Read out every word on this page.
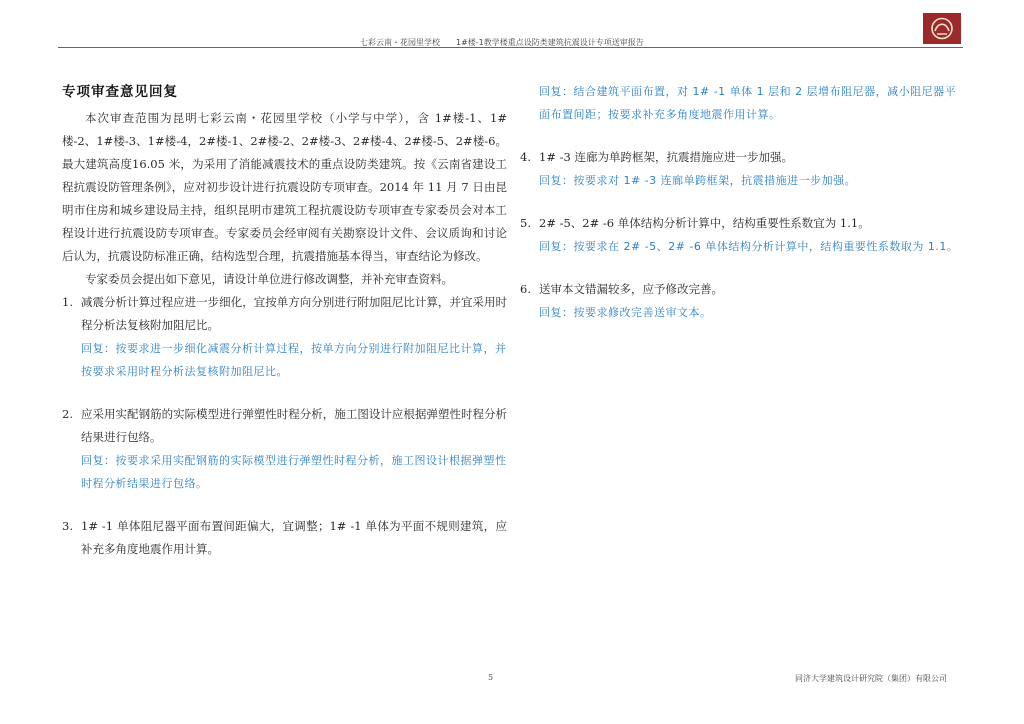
七彩云南・花园里学校　　1#楼-1教学楼重点设防类建筑抗震设计专项送审报告
专项审查意见回复

本次审查范围为昆明七彩云南・花园里学校（小学与中学），含 1#楼-1、1#楼-2、1#楼-3、1#楼-4，2#楼-1、2#楼-2、2#楼-3、2#楼-4、2#楼-5、2#楼-6。最大建筑高度16.05 米，为采用了消能减震技术的重点设防类建筑。按《云南省建设工程抗震设防管理条例》，应对初步设计进行抗震设防专项审查。2014 年 11 月 7 日由昆明市住房和城乡建设局主持，组织昆明市建筑工程抗震设防专项审查专家委员会对本工程设计进行抗震设防专项审查。专家委员会经审阅有关勘察设计文件、会议质询和讨论后认为，抗震设防标准正确，结构选型合理，抗震措施基本得当，审查结论为修改。

专家委员会提出如下意见，请设计单位进行修改调整，并补充审查资料。

1. 减震分析计算过程应进一步细化，宜按单方向分别进行附加阻尼比计算，并宜采用时程分析法复核附加阻尼比。
回复：按要求进一步细化减震分析计算过程，按单方向分别进行附加阻尼比计算，并按要求采用时程分析法复核附加阻尼比。
2. 应采用实配钢筋的实际模型进行弹塑性时程分析，施工图设计应根据弹塑性时程分析结果进行包络。
回复：按要求采用实配钢筋的实际模型进行弹塑性时程分析，施工图设计根据弹塑性时程分析结果进行包络。
3. 1# -1 单体阻尼器平面布置间距偏大，宜调整；1# -1 单体为平面不规则建筑，应补充多角度地震作用计算。
回复：结合建筑平面布置，对 1# -1 单体 1 层和 2 层增布阻尼器，减小阻尼器平面布置间距；按要求补充多角度地震作用计算。
4. 1# -3 连廊为单跨框架，抗震措施应进一步加强。
回复：按要求对 1# -3 连廊单跨框架，抗震措施进一步加强。
5. 2# -5、2# -6 单体结构分析计算中，结构重要性系数宜为 1.1。
回复：按要求在 2# -5、2# -6 单体结构分析计算中，结构重要性系数取为 1.1。
6. 送审本文错漏较多，应予修改完善。
回复：按要求修改完善送审文本。
5	同济大学建筑设计研究院（集团）有限公司
